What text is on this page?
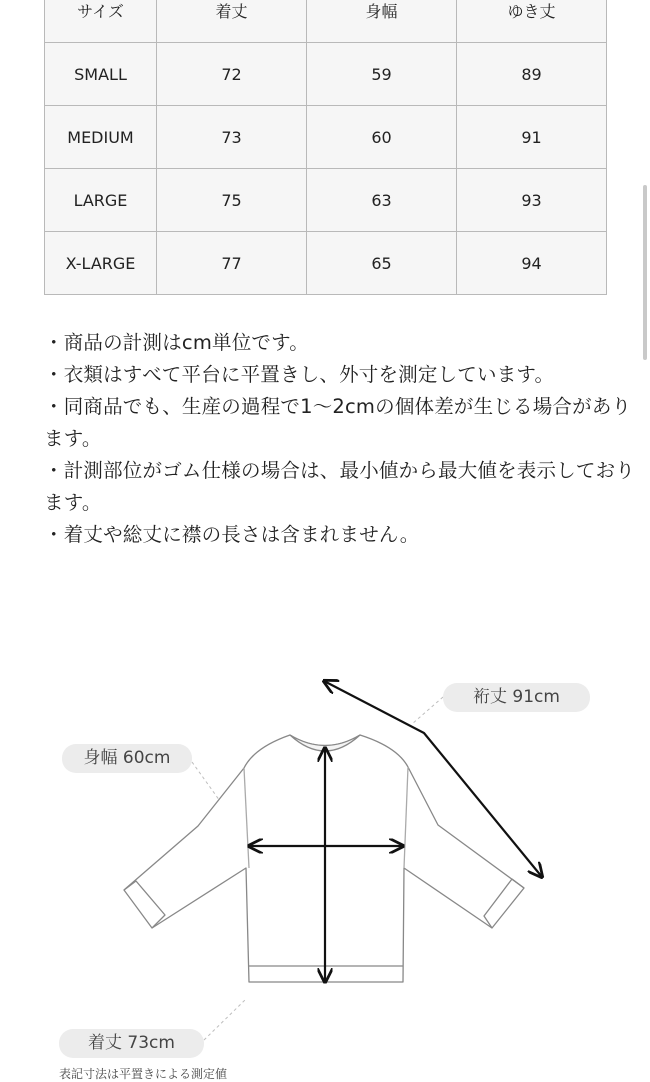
サイズ	着丈	身幅	ゆき丈
SMALL	72	59	89
MEDIUM	73	60	91
LARGE	75	63	93
X-LARGE	77	65	94

・商品の計測はcm単位です。

・衣類はすべて平台に平置きし、外寸を測定しています。

・同商品でも、生産の過程で1〜2cmの個体差が生じる場合があります。

・計測部位がゴム仕様の場合は、最小値から最大値を表示しております。

・着丈や総丈に襟の長さは含まれません。

裄丈 91cm
身幅 60cm
着丈 73cm
表記寸法は平置きによる測定値
